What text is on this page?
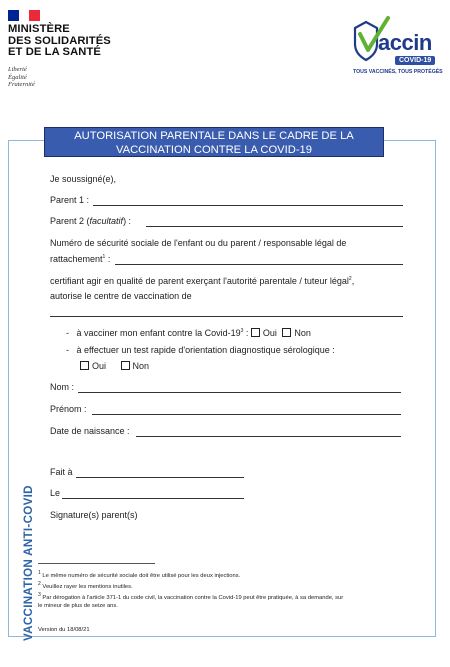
MINISTÈRE
DES SOLIDARITÉS
ET DE LA SANTÉ
Liberté
Égalité
Fraternité
accin
COVID-19
TOUS VACCINÉS, TOUS PROTÉGÉS
AUTORISATION PARENTALE DANS LE CADRE DE LA
VACCINATION CONTRE LA COVID-19
VACCINATION ANTI-COVID
Je soussigné(e),
Parent 1 :
Parent 2 (facultatif) :
Numéro de sécurité sociale de l'enfant ou du parent / responsable légal de
rattachement$^1$ :
certifiant agir en qualité de parent exerçant l'autorité parentale / tuteur légal$^2$,
autorise le centre de vaccination de
-   à vacciner mon enfant contre la Covid-$19^3$ : Oui Non
-   à effectuer un test rapide d'orientation diagnostique sérologique :
Oui	Non
Nom :
Prénom :
Date de naissance :
Fait à
Le
Signature(s) parent(s)
$^1$ Le même numéro de sécurité sociale doit être utilisé pour les deux injections.
$^2$ Veuillez rayer les mentions inutiles.
$^3$ Par dérogation à l'article 371-1 du code civil, la vaccination contre la Covid-19 peut être pratiquée, à sa demande, sur
le mineur de plus de seize ans.
Version du 18/08/21
